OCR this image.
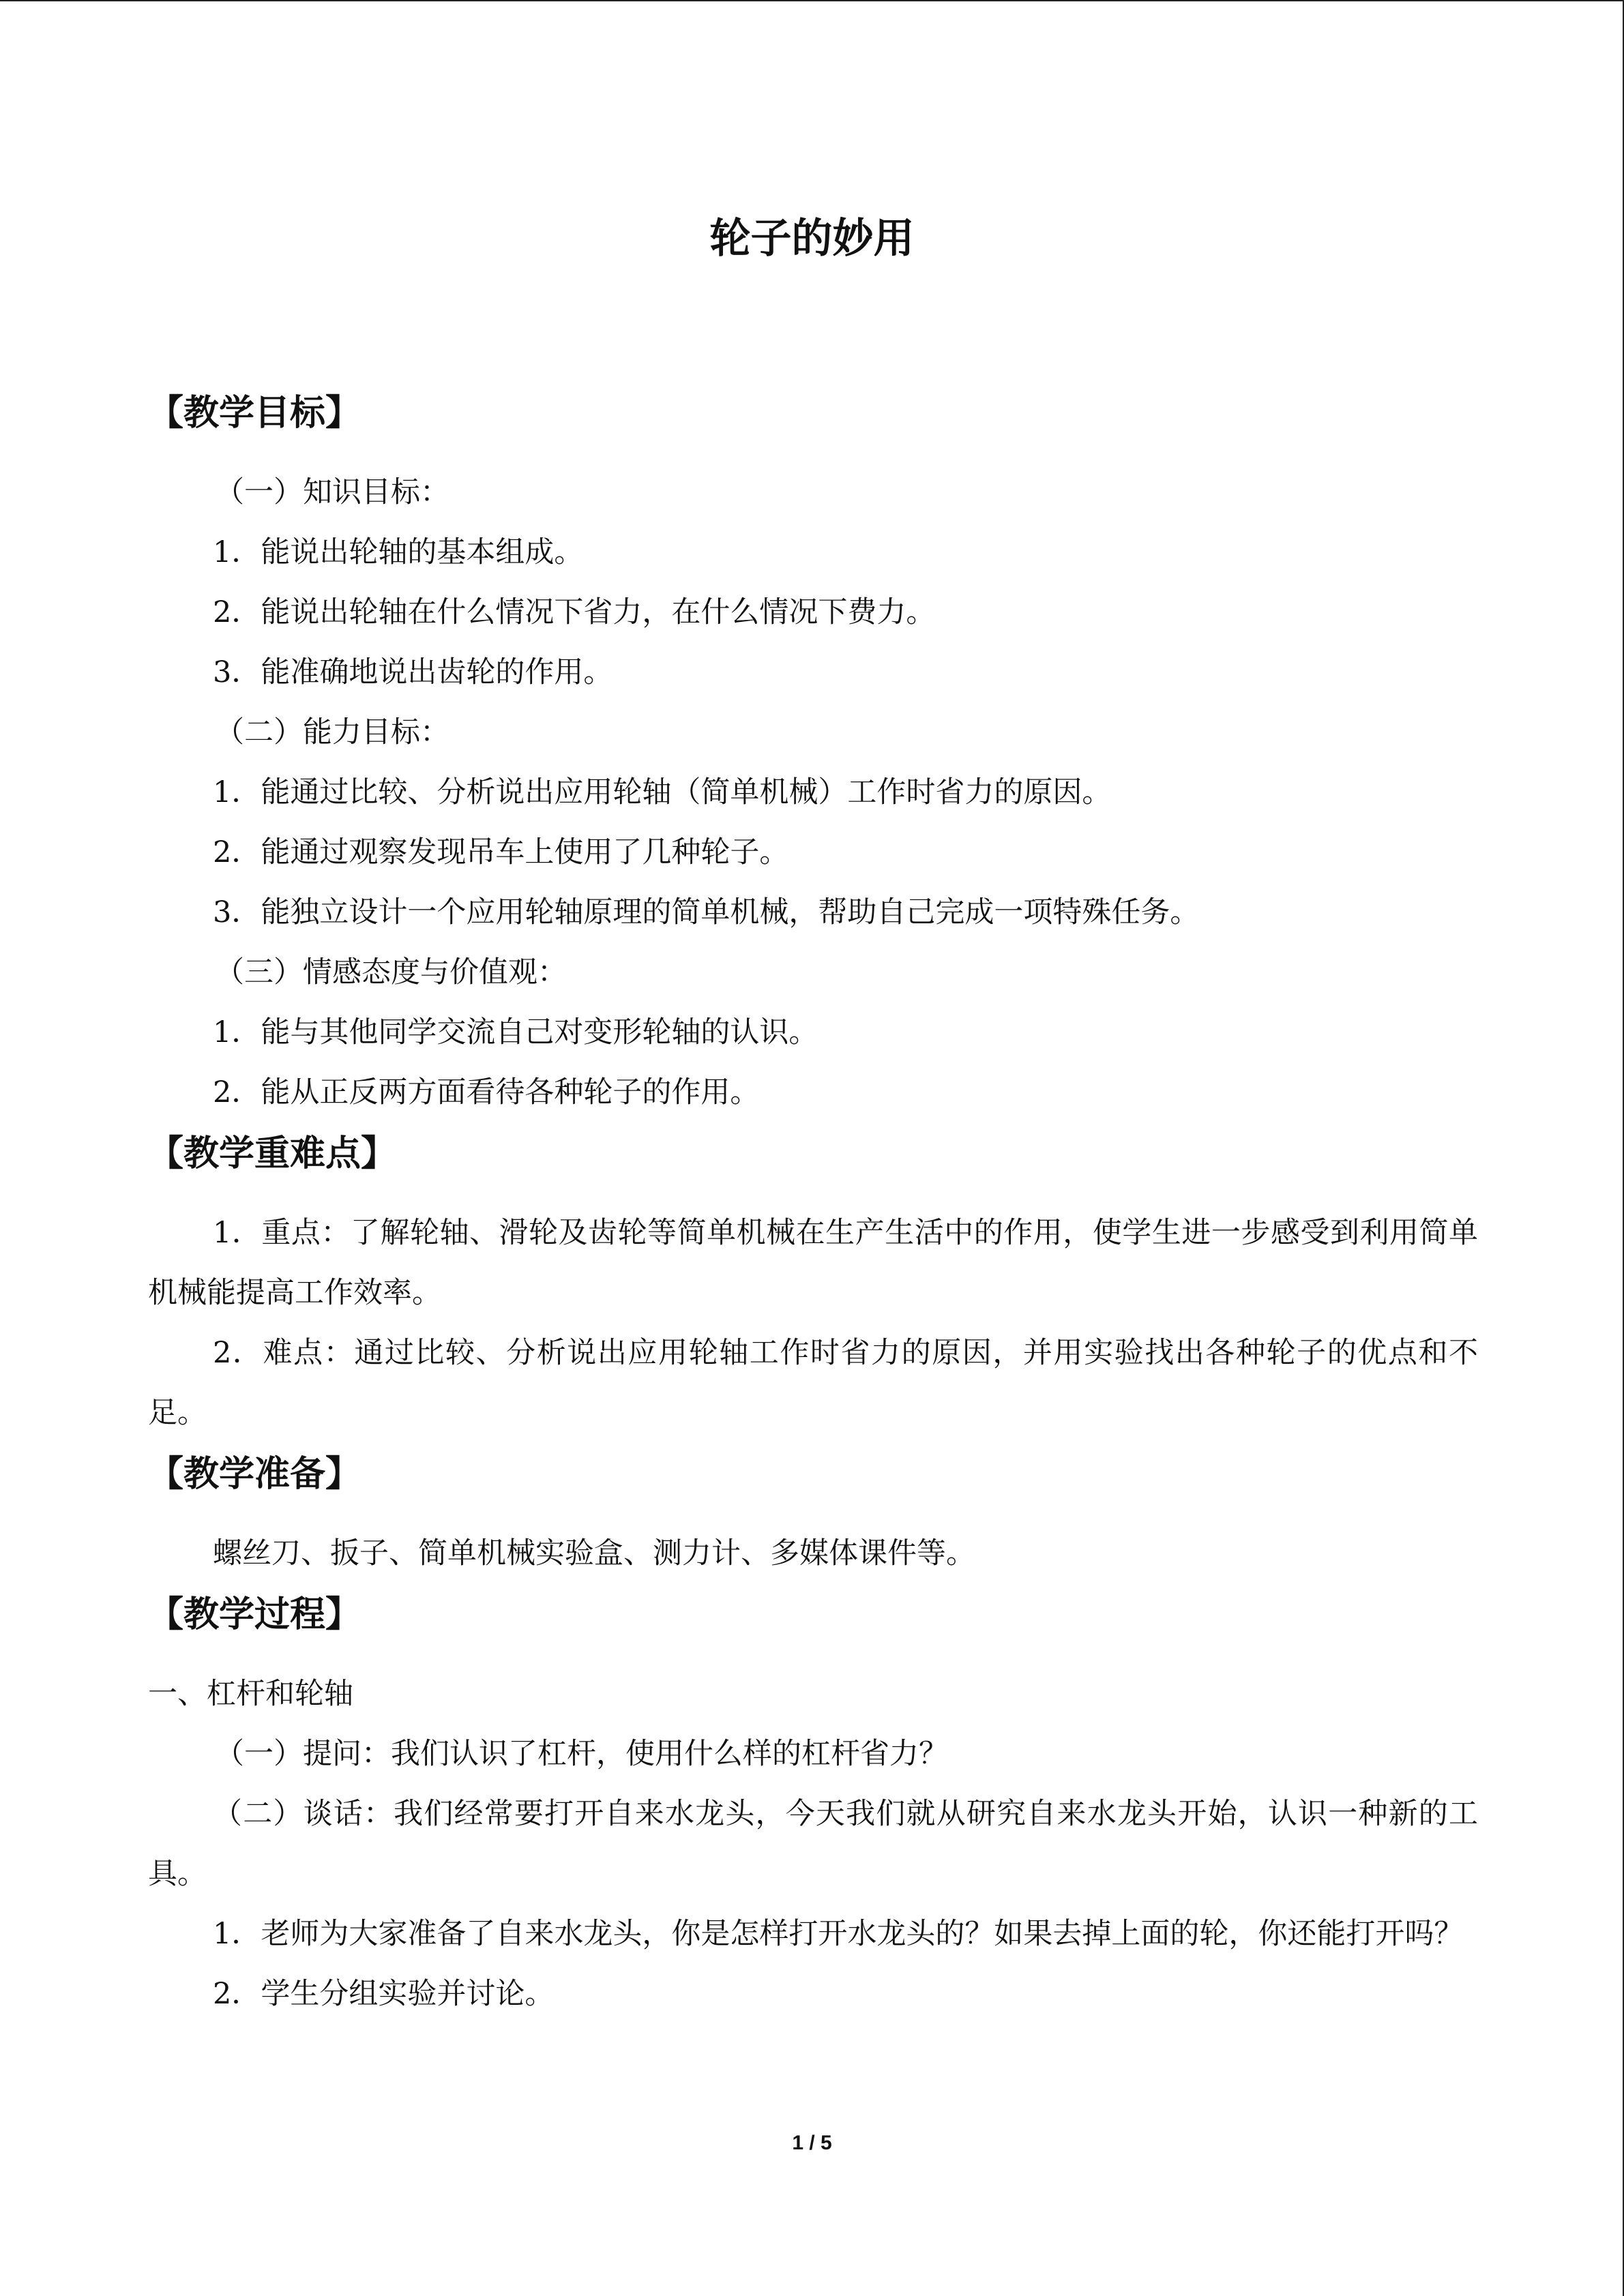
轮子的妙用
【教学目标】
（一）知识目标：
1．能说出轮轴的基本组成。
2．能说出轮轴在什么情况下省力，在什么情况下费力。
3．能准确地说出齿轮的作用。
（二）能力目标：
1．能通过比较、分析说出应用轮轴（简单机械）工作时省力的原因。
2．能通过观察发现吊车上使用了几种轮子。
3．能独立设计一个应用轮轴原理的简单机械，帮助自己完成一项特殊任务。
（三）情感态度与价值观：
1．能与其他同学交流自己对变形轮轴的认识。
2．能从正反两方面看待各种轮子的作用。
【教学重难点】

1．重点：了解轮轴、滑轮及齿轮等简单机械在生产生活中的作用，使学生进一步感受到利用简单机械能提高工作效率。

2．难点：通过比较、分析说出应用轮轴工作时省力的原因，并用实验找出各种轮子的优点和不足。

【教学准备】

螺丝刀、扳子、简单机械实验盒、测力计、多媒体课件等。

【教学过程】
一、杠杆和轮轴
（一）提问：我们认识了杠杆，使用什么样的杠杆省力？

（二）谈话：我们经常要打开自来水龙头，今天我们就从研究自来水龙头开始，认识一种新的工具。

1．老师为大家准备了自来水龙头，你是怎样打开水龙头的？如果去掉上面的轮，你还能打开吗？

2．学生分组实验并讨论。
1 / 5
